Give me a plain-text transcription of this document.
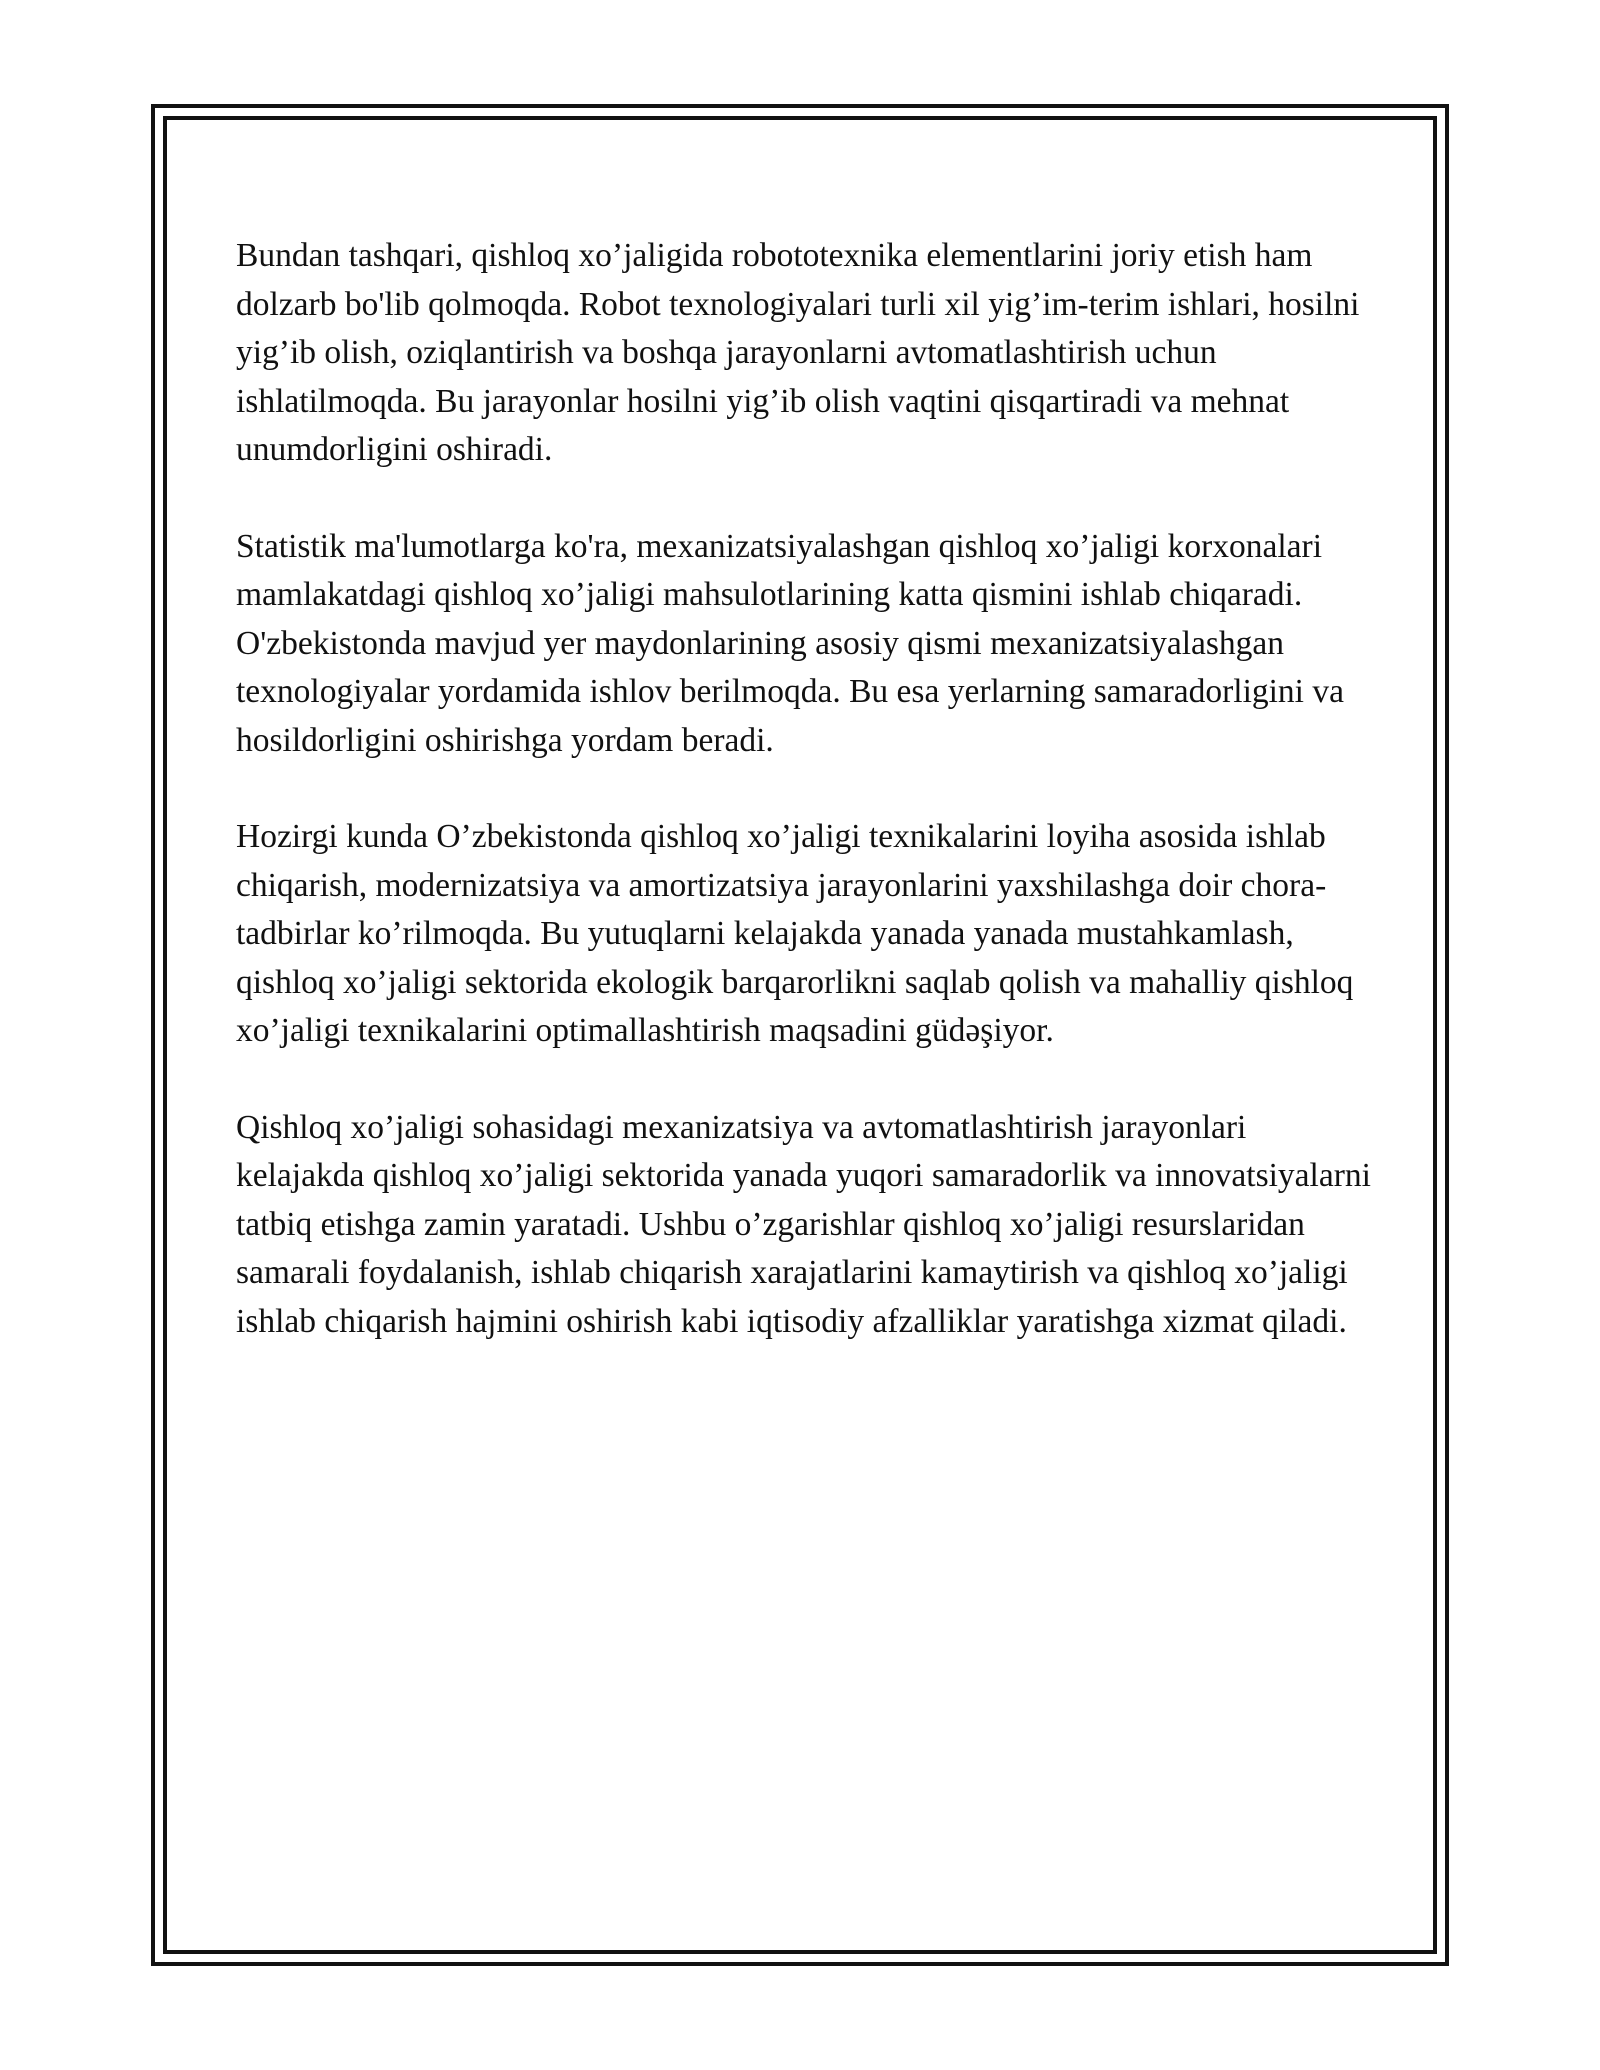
Bundan tashqari, qishloq xo’jaligida robototexnika elementlarini joriy etish ham dolzarb bo'lib qolmoqda. Robot texnologiyalari turli xil yig’im-terim ishlari, hosilni yig’ib olish, oziqlantirish va boshqa jarayonlarni avtomatlashtirish uchun ishlatilmoqda. Bu jarayonlar hosilni yig’ib olish vaqtini qisqartiradi va mehnat unumdorligini oshiradi.

Statistik ma'lumotlarga ko'ra, mexanizatsiyalashgan qishloq xo’jaligi korxonalari mamlakatdagi qishloq xo’jaligi mahsulotlarining katta qismini ishlab chiqaradi. O'zbekistonda mavjud yer maydonlarining asosiy qismi mexanizatsiyalashgan texnologiyalar yordamida ishlov berilmoqda. Bu esa yerlarning samaradorligini va hosildorligini oshirishga yordam beradi.

Hozirgi kunda O’zbekistonda qishloq xo’jaligi texnikalarini loyiha asosida ishlab chiqarish, modernizatsiya va amortizatsiya jarayonlarini yaxshilashga doir chora-tadbirlar ko’rilmoqda. Bu yutuqlarni kelajakda yanada yanada mustahkamlash, qishloq xo’jaligi sektorida ekologik barqarorlikni saqlab qolish va mahalliy qishloq xo’jaligi texnikalarini optimallashtirish maqsadini güdəşiyor.

Qishloq xo’jaligi sohasidagi mexanizatsiya va avtomatlashtirish jarayonlari kelajakda qishloq xo’jaligi sektorida yanada yuqori samaradorlik va innovatsiyalarni tatbiq etishga zamin yaratadi. Ushbu o’zgarishlar qishloq xo’jaligi resurslaridan samarali foydalanish, ishlab chiqarish xarajatlarini kamaytirish va qishloq xo’jaligi ishlab chiqarish hajmini oshirish kabi iqtisodiy afzalliklar yaratishga xizmat qiladi.
